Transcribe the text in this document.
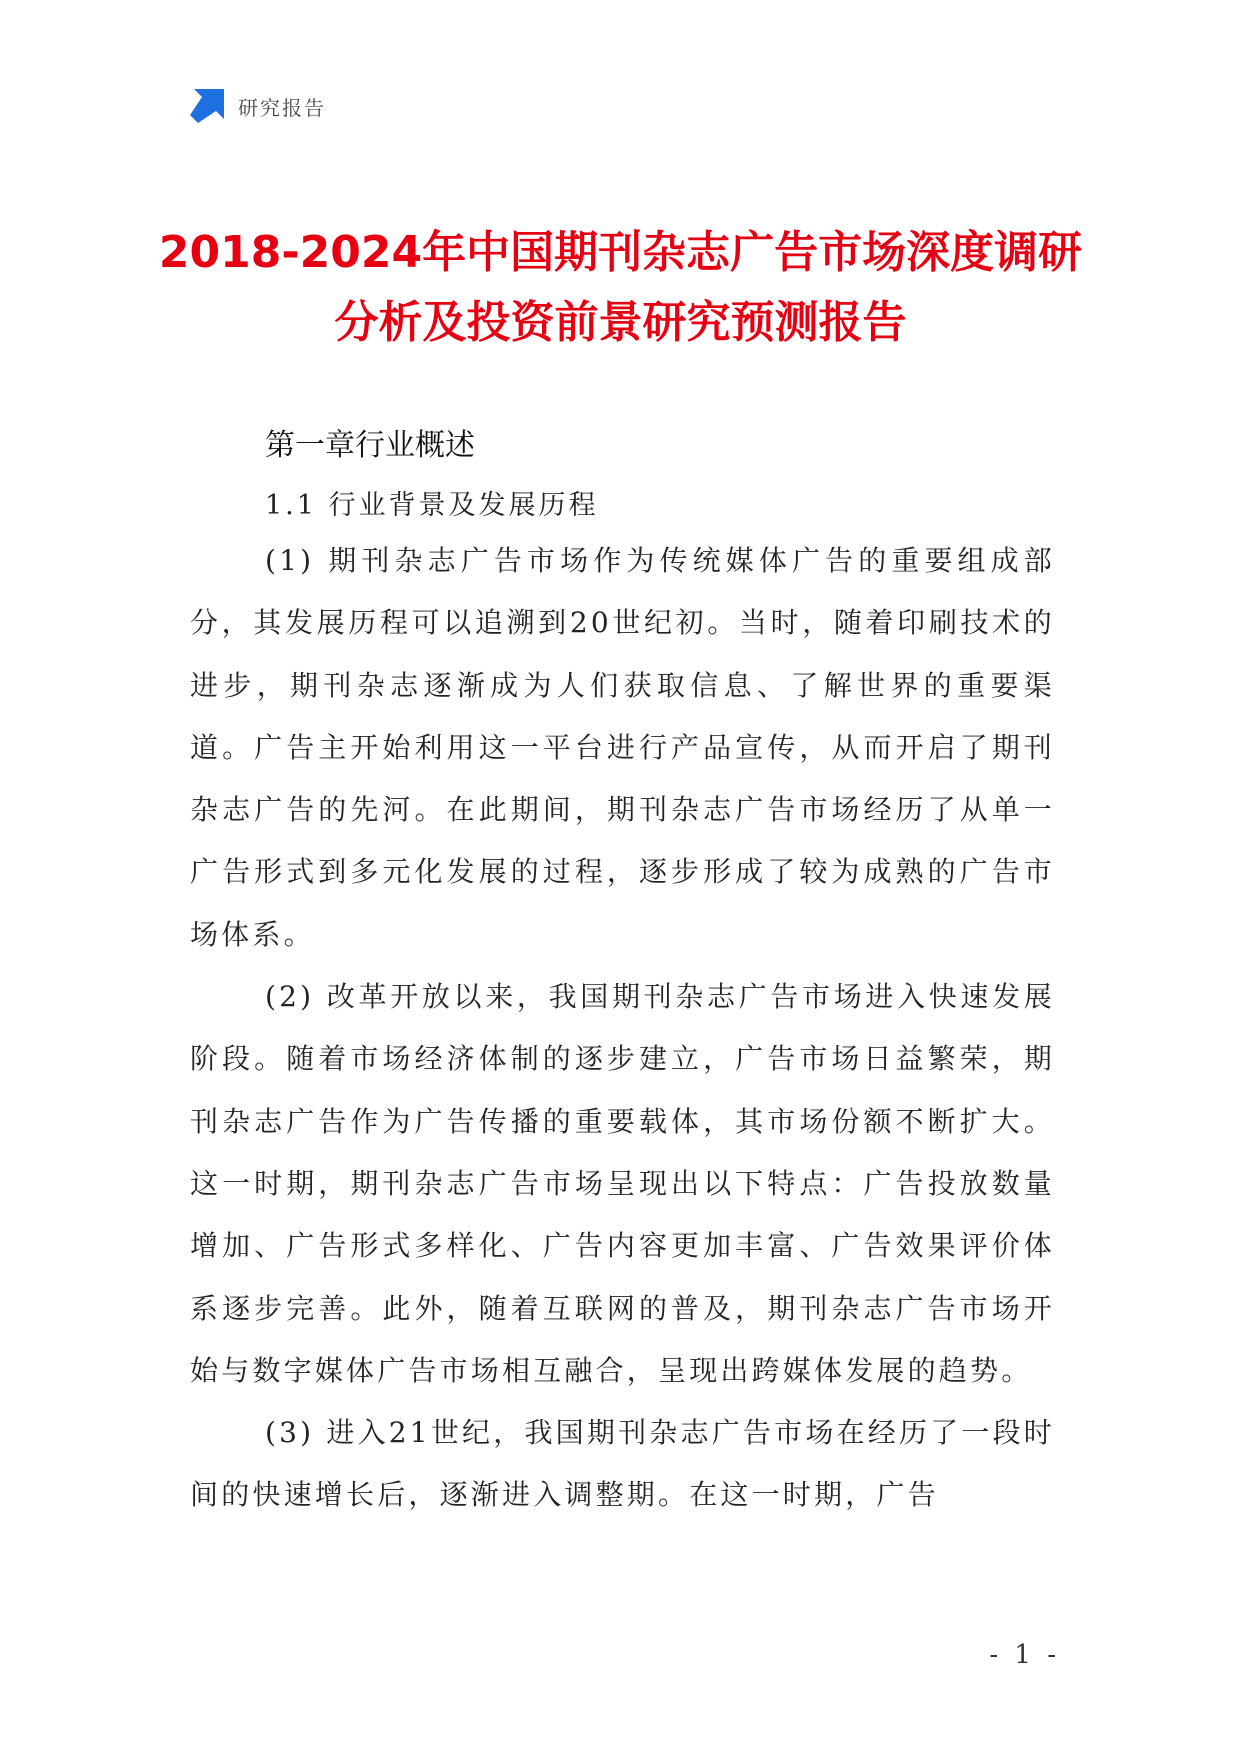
研究报告
2018-2024年中国期刊杂志广告市场深度调研分析及投资前景研究预测报告
第一章行业概述
1.1 行业背景及发展历程

(1) 期刊杂志广告市场作为传统媒体广告的重要组成部分，其发展历程可以追溯到20世纪初。当时，随着印刷技术的进步，期刊杂志逐渐成为人们获取信息、了解世界的重要渠道。广告主开始利用这一平台进行产品宣传，从而开启了期刊杂志广告的先河。在此期间，期刊杂志广告市场经历了从单一广告形式到多元化发展的过程，逐步形成了较为成熟的广告市场体系。

(2) 改革开放以来，我国期刊杂志广告市场进入快速发展阶段。随着市场经济体制的逐步建立，广告市场日益繁荣，期刊杂志广告作为广告传播的重要载体，其市场份额不断扩大。这一时期，期刊杂志广告市场呈现出以下特点：广告投放数量增加、广告形式多样化、广告内容更加丰富、广告效果评价体系逐步完善。此外，随着互联网的普及，期刊杂志广告市场开始与数字媒体广告市场相互融合，呈现出跨媒体发展的趋势。

(3) 进入21世纪，我国期刊杂志广告市场在经历了一段时间的快速增长后，逐渐进入调整期。在这一时期，广告

- 1 -
